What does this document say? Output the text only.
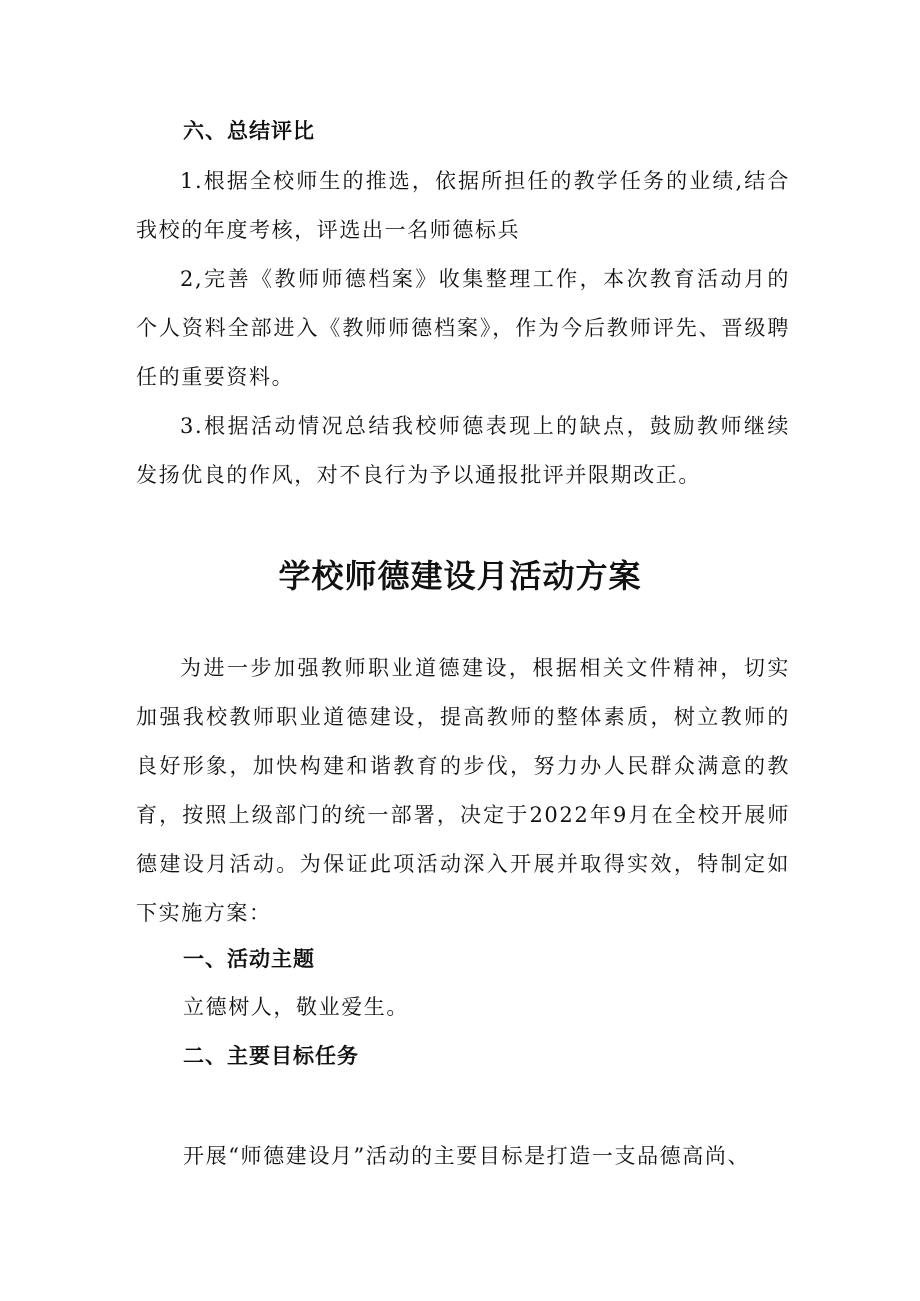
六、总结评比

1.根据全校师生的推选，依据所担任的教学任务的业绩,结合我校的年度考核，评选出一名师德标兵

2,完善《教师师德档案》收集整理工作，本次教育活动月的个人资料全部进入《教师师德档案》，作为今后教师评先、晋级聘任的重要资料。

3.根据活动情况总结我校师德表现上的缺点，鼓励教师继续发扬优良的作风，对不良行为予以通报批评并限期改正。

学校师德建设月活动方案

为进一步加强教师职业道德建设，根据相关文件精神，切实加强我校教师职业道德建设，提高教师的整体素质，树立教师的良好形象，加快构建和谐教育的步伐，努力办人民群众满意的教育，按照上级部门的统一部署，决定于2022年9月在全校开展师德建设月活动。为保证此项活动深入开展并取得实效，特制定如下实施方案：

一、活动主题

立德树人，敬业爱生。

二、主要目标任务

开展“师德建设月”活动的主要目标是打造一支品德高尚、
